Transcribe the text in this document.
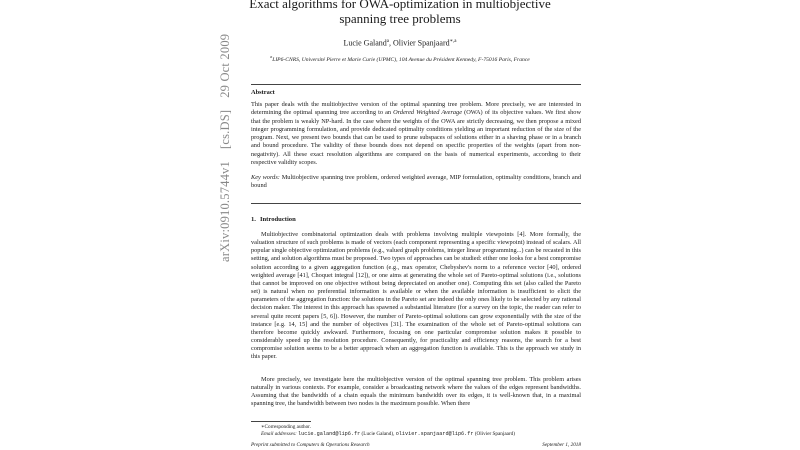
Exact algorithms for OWA-optimization in multiobjective
spanning tree problems
Lucie Galand$^a$, Olivier Spanjaard$^{∗,a}$
$^a$LIP6-CNRS, Université Pierre et Marie Curie (UPMC), 104 Avenue du Président Kennedy, F-75016 Paris, France
Abstract
This paper deals with the multiobjective version of the optimal spanning tree problem. More precisely, we are interested in determining the optimal spanning tree according to an Ordered Weighted Average (OWA) of its objective values. We first show that the problem is weakly NP-hard. In the case where the weights of the OWA are strictly decreasing, we then propose a mixed integer programming formulation, and provide dedicated optimality conditions yielding an important reduction of the size of the program. Next, we present two bounds that can be used to prune subspaces of solutions either in a shaving phase or in a branch and bound procedure. The validity of these bounds does not depend on specific properties of the weights (apart from non-negativity). All these exact resolution algorithms are compared on the basis of numerical experiments, according to their respective validity scopes.
Key words: Multiobjective spanning tree problem, ordered weighted average, MIP formulation, optimality conditions, branch and bound
1. Introduction
Multiobjective combinatorial optimization deals with problems involving multiple viewpoints [4]. More formally, the valuation structure of such problems is made of vectors (each component representing a specific viewpoint) instead of scalars. All popular single objective optimization problems (e.g., valued graph problems, integer linear programming...) can be recasted in this setting, and solution algorithms must be proposed. Two types of approaches can be studied: either one looks for a best compromise solution according to a given aggregation function (e.g., max operator, Chebyshev's norm to a reference vector [40], ordered weighted average [41], Choquet integral [12]), or one aims at generating the whole set of Pareto-optimal solutions (i.e., solutions that cannot be improved on one objective without being depreciated on another one). Computing this set (also called the Pareto set) is natural when no preferential information is available or when the available information is insufficient to elicit the parameters of the aggregation function: the solutions in the Pareto set are indeed the only ones likely to be selected by any rational decision maker. The interest in this approach has spawned a substantial literature (for a survey on the topic, the reader can refer to several quite recent papers [5, 6]). However, the number of Pareto-optimal solutions can grow exponentially with the size of the instance [e.g. 14, 15] and the number of objectives [31]. The examination of the whole set of Pareto-optimal solutions can therefore become quickly awkward. Furthermore, focusing on one particular compromise solution makes it possible to considerably speed up the resolution procedure. Consequently, for practicality and efficiency reasons, the search for a best compromise solution seems to be a better approach when an aggregation function is available. This is the approach we study in this paper.
More precisely, we investigate here the multiobjective version of the optimal spanning tree problem. This problem arises naturally in various contexts. For example, consider a broadcasting network where the values of the edges represent bandwidths. Assuming that the bandwidth of a chain equals the minimum bandwidth over its edges, it is well-known that, in a maximal spanning tree, the bandwidth between two nodes is the maximum possible. When there
∗Corresponding author.
Email addresses: lucie.galand@lip6.fr (Lucie Galand), olivier.spanjaard@lip6.fr (Olivier Spanjaard)
Preprint submitted to Computers & Operations Research	September 1, 2018
arXiv:0910.5744v1[cs.DS]29 Oct 2009
